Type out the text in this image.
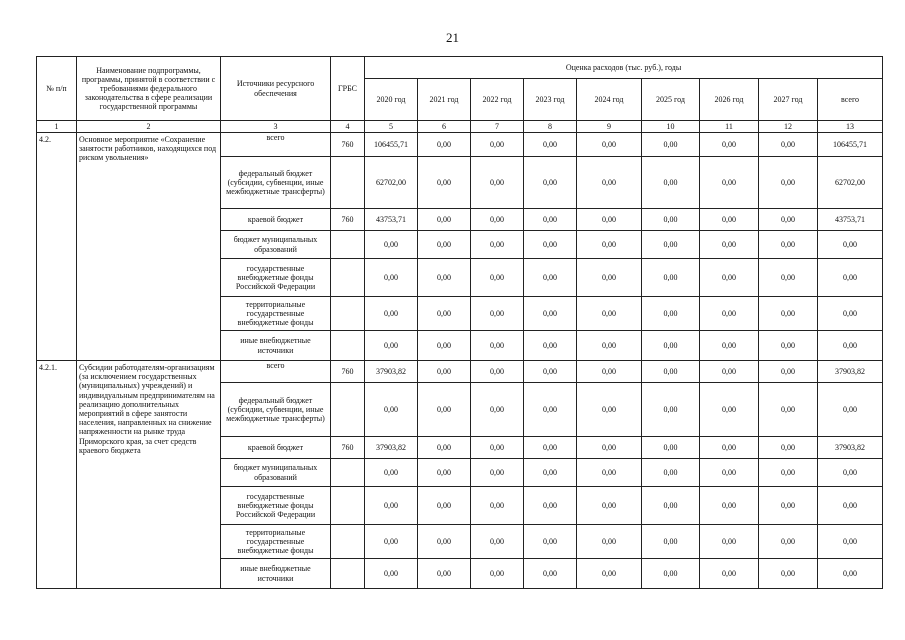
21
№ п/п	Наименование подпрограммы, программы, принятой в соответствии с требованиями федерального законодательства в сфере реализации государственной программы	Источники ресурсного обеспечения	ГРБС	Оценка расходов (тыс. руб.), годы								
				2020 год	2021 год	2022 год	2023 год	2024 год	2025 год	2026 год	2027 год	всего
1	2	3	4	5	6	7	8	9	10	11	12	13
4.2.	Основное мероприятие «Сохранение занятости работников, находящихся под риском увольнения»	всего	760	106455,71	0,00	0,00	0,00	0,00	0,00	0,00	0,00	106455,71
		федеральный бюджет (субсидии, субвенции, иные межбюджетные трансферты)		62702,00	0,00	0,00	0,00	0,00	0,00	0,00	0,00	62702,00
		краевой бюджет	760	43753,71	0,00	0,00	0,00	0,00	0,00	0,00	0,00	43753,71
		бюджет муниципальных образований		0,00	0,00	0,00	0,00	0,00	0,00	0,00	0,00	0,00
		государственные внебюджетные фонды Российской Федерации		0,00	0,00	0,00	0,00	0,00	0,00	0,00	0,00	0,00
		территориальные государственные внебюджетные фонды		0,00	0,00	0,00	0,00	0,00	0,00	0,00	0,00	0,00
		иные внебюджетные источники		0,00	0,00	0,00	0,00	0,00	0,00	0,00	0,00	0,00
4.2.1.	Субсидии работодателям-организациям (за исключением государственных (муниципальных) учреждений) и индивидуальным предпринимателям на реализацию дополнительных мероприятий в сфере занятости населения, направленных на снижение напряженности на рынке труда Приморского края, за счет средств краевого бюджета	всего	760	37903,82	0,00	0,00	0,00	0,00	0,00	0,00	0,00	37903,82
		федеральный бюджет (субсидии, субвенции, иные межбюджетные трансферты)		0,00	0,00	0,00	0,00	0,00	0,00	0,00	0,00	0,00
		краевой бюджет	760	37903,82	0,00	0,00	0,00	0,00	0,00	0,00	0,00	37903,82
		бюджет муниципальных образований		0,00	0,00	0,00	0,00	0,00	0,00	0,00	0,00	0,00
		государственные внебюджетные фонды Российской Федерации		0,00	0,00	0,00	0,00	0,00	0,00	0,00	0,00	0,00
		территориальные государственные внебюджетные фонды		0,00	0,00	0,00	0,00	0,00	0,00	0,00	0,00	0,00
		иные внебюджетные источники		0,00	0,00	0,00	0,00	0,00	0,00	0,00	0,00	0,00
